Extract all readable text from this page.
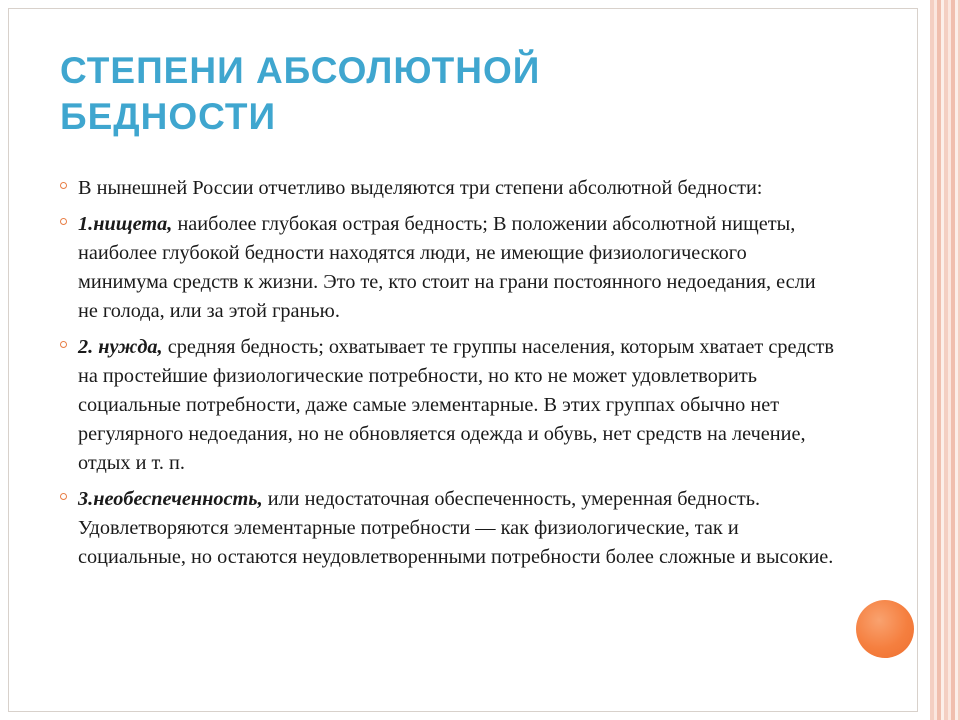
СТЕПЕНИ АБСОЛЮТНОЙ
БЕДНОСТИ
В нынешней России отчетливо выделяются три степени абсолютной бедности:
1.нищета, наиболее глубокая острая бедность; В положении абсолютной нищеты, наиболее глубокой бедности находятся люди, не имеющие физиологического минимума средств к жизни. Это те, кто стоит на грани постоянного недоедания, если не голода, или за этой гранью.
2. нужда, средняя бедность; охватывает те группы населения, которым хватает средств на простейшие физиологические потребности, но кто не может удовлетворить социальные потребности, даже самые элементарные. В этих группах обычно нет регулярного недоедания, но не обновляется одежда и обувь, нет средств на лечение, отдых и т. п.
3.необеспеченность, или недостаточная обеспеченность, умеренная бедность. Удовлетворяются элементарные потребности — как физиологические, так и социальные, но остаются неудовлетворенными потребности более сложные и высокие.
